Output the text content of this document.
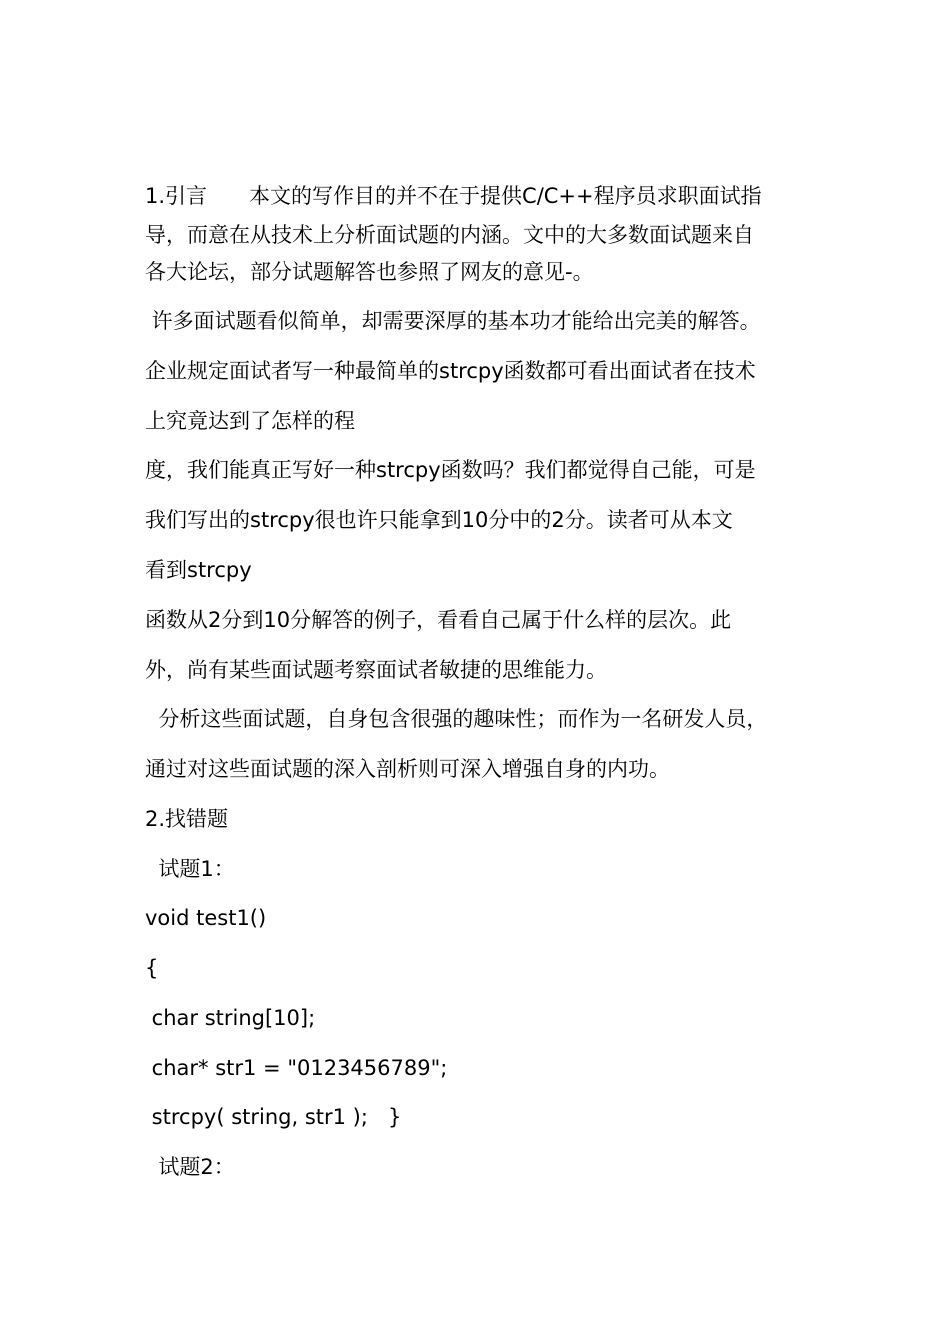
1.引言　　本文的写作目的并不在于提供C/C++程序员求职面试指
导，而意在从技术上分析面试题的内涵。文中的大多数面试题来自
各大论坛，部分试题解答也参照了网友的意见-。
许多面试题看似简单，却需要深厚的基本功才能给出完美的解答。
企业规定面试者写一种最简单的strcpy函数都可看出面试者在技术
上究竟达到了怎样的程
度，我们能真正写好一种strcpy函数吗？我们都觉得自己能，可是
我们写出的strcpy很也许只能拿到10分中的2分。读者可从本文
看到strcpy
函数从2分到10分解答的例子，看看自己属于什么样的层次。此
外，尚有某些面试题考察面试者敏捷的思维能力。
分析这些面试题，自身包含很强的趣味性；而作为一名研发人员，
通过对这些面试题的深入剖析则可深入增强自身的内功。
2.找错题
试题1：
void test1()
{
char string[10];
char* str1 = "0123456789";
strcpy( string, str1 );   }
试题2：
